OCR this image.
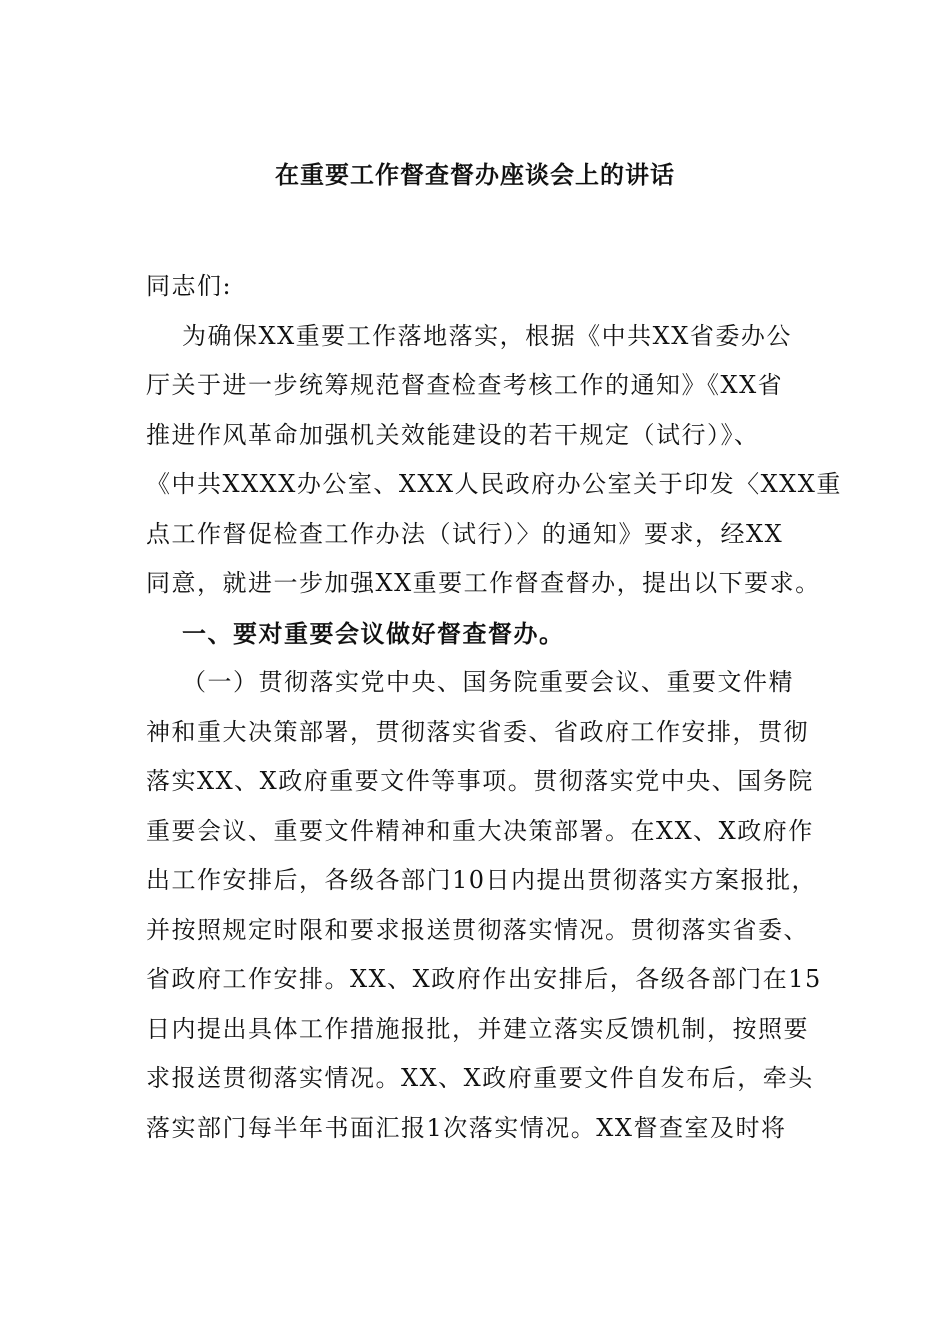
在重要工作督查督办座谈会上的讲话

同志们:

为确保XX重要工作落地落实，根据《中共XX省委办公

厅关于进一步统筹规范督查检查考核工作的通知》《XX省

推进作风革命加强机关效能建设的若干规定（试行）》、

《中共XXXX办公室、XXX人民政府办公室关于印发〈XXX重

点工作督促检查工作办法（试行）〉的通知》要求，经XX

同意，就进一步加强XX重要工作督查督办，提出以下要求。

一、要对重要会议做好督查督办。

（一）贯彻落实党中央、国务院重要会议、重要文件精

神和重大决策部署，贯彻落实省委、省政府工作安排，贯彻

落实XX、X政府重要文件等事项。贯彻落实党中央、国务院

重要会议、重要文件精神和重大决策部署。在XX、X政府作

出工作安排后，各级各部门10日内提出贯彻落实方案报批，

并按照规定时限和要求报送贯彻落实情况。贯彻落实省委、

省政府工作安排。XX、X政府作出安排后，各级各部门在15

日内提出具体工作措施报批，并建立落实反馈机制，按照要

求报送贯彻落实情况。XX、X政府重要文件自发布后，牵头

落实部门每半年书面汇报1次落实情况。XX督查室及时将
